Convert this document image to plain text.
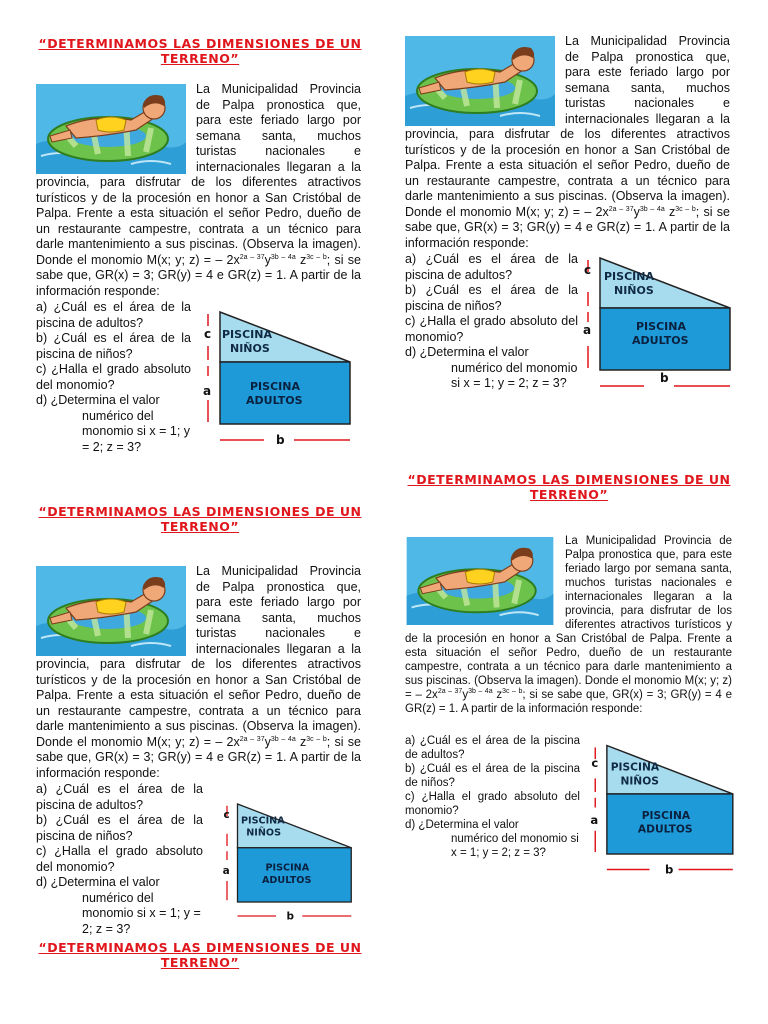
“DETERMINAMOS LAS DIMENSIONES DE UN TERRENO”
La Municipalidad Provincia de Palpa pronostica que, para este feriado largo por semana santa, muchos turistas nacionales e internacionales llegaran a la provincia, para disfrutar de los diferentes atractivos turísticos y de la procesión en honor a San Cristóbal de Palpa. Frente a esta situación el señor Pedro, dueño de un restaurante campestre, contrata a un técnico para darle mantenimiento a sus piscinas. (Observa la imagen). Donde el monomio M(x; y; z) = – $2x^{2a - 37}y^{3b - 4a}$ $z^{3c - b}$; si se sabe que, GR(x) = 3; GR(y) = 4 e GR(z) = 1. A partir de la información responde:
a) ¿Cuál es el área de la piscina de adultos?
b) ¿Cuál es el área de la piscina de niños?
c) ¿Halla el grado absoluto del monomio?
d) ¿Determina el valor
numérico del monomio si x = 1; y = 2; z = 3?
PISCINA
NIÑOS
PISCINA
ADULTOS
c
a
b
La Municipalidad Provincia de Palpa pronostica que, para este feriado largo por semana santa, muchos turistas nacionales e internacionales llegaran a la provincia, para disfrutar de los diferentes atractivos turísticos y de la procesión en honor a San Cristóbal de Palpa. Frente a esta situación el señor Pedro, dueño de un restaurante campestre, contrata a un técnico para darle mantenimiento a sus piscinas. (Observa la imagen). Donde el monomio M(x; y; z) = – $2x^{2a - 37}y^{3b - 4a}$ $z^{3c - b}$; si se sabe que, GR(x) = 3; GR(y) = 4 e GR(z) = 1. A partir de la información responde:
a) ¿Cuál es el área de la piscina de adultos?
b) ¿Cuál es el área de la piscina de niños?
c) ¿Halla el grado absoluto del monomio?
d) ¿Determina el valor
numérico del monomio si x = 1; y = 2; z = 3?
PISCINA
NIÑOS
PISCINA
ADULTOS
c
a
b
“DETERMINAMOS LAS DIMENSIONES DE UN TERRENO”
“DETERMINAMOS LAS DIMENSIONES DE UN TERRENO”
La Municipalidad Provincia de Palpa pronostica que, para este feriado largo por semana santa, muchos turistas nacionales e internacionales llegaran a la provincia, para disfrutar de los diferentes atractivos turísticos y de la procesión en honor a San Cristóbal de Palpa. Frente a esta situación el señor Pedro, dueño de un restaurante campestre, contrata a un técnico para darle mantenimiento a sus piscinas. (Observa la imagen). Donde el monomio M(x; y; z) = – $2x^{2a - 37}y^{3b - 4a}$ $z^{3c - b}$; si se sabe que, GR(x) = 3; GR(y) = 4 e GR(z) = 1. A partir de la información responde:
a) ¿Cuál es el área de la piscina de adultos?
b) ¿Cuál es el área de la piscina de niños?
c) ¿Halla el grado absoluto del monomio?
d) ¿Determina el valor
numérico del monomio si x = 1; y = 2; z = 3?
PISCINA
NIÑOS
PISCINA
ADULTOS
c
a
b
“DETERMINAMOS LAS DIMENSIONES DE UN TERRENO”
La Municipalidad Provincia de Palpa pronostica que, para este feriado largo por semana santa, muchos turistas nacionales e internacionales llegaran a la provincia, para disfrutar de los diferentes atractivos turísticos y de la procesión en honor a San Cristóbal de Palpa. Frente a esta situación el señor Pedro, dueño de un restaurante campestre, contrata a un técnico para darle mantenimiento a sus piscinas. (Observa la imagen). Donde el monomio M(x; y; z) = – $2x^{2a - 37}y^{3b - 4a}$ $z^{3c - b}$; si se sabe que, GR(x) = 3; GR(y) = 4 e GR(z) = 1. A partir de la información responde:
a) ¿Cuál es el área de la piscina de adultos?
b) ¿Cuál es el área de la piscina de niños?
c) ¿Halla el grado absoluto del monomio?
d) ¿Determina el valor
numérico del monomio si x = 1; y = 2; z = 3?
PISCINA
NIÑOS
PISCINA
ADULTOS
c
a
b
